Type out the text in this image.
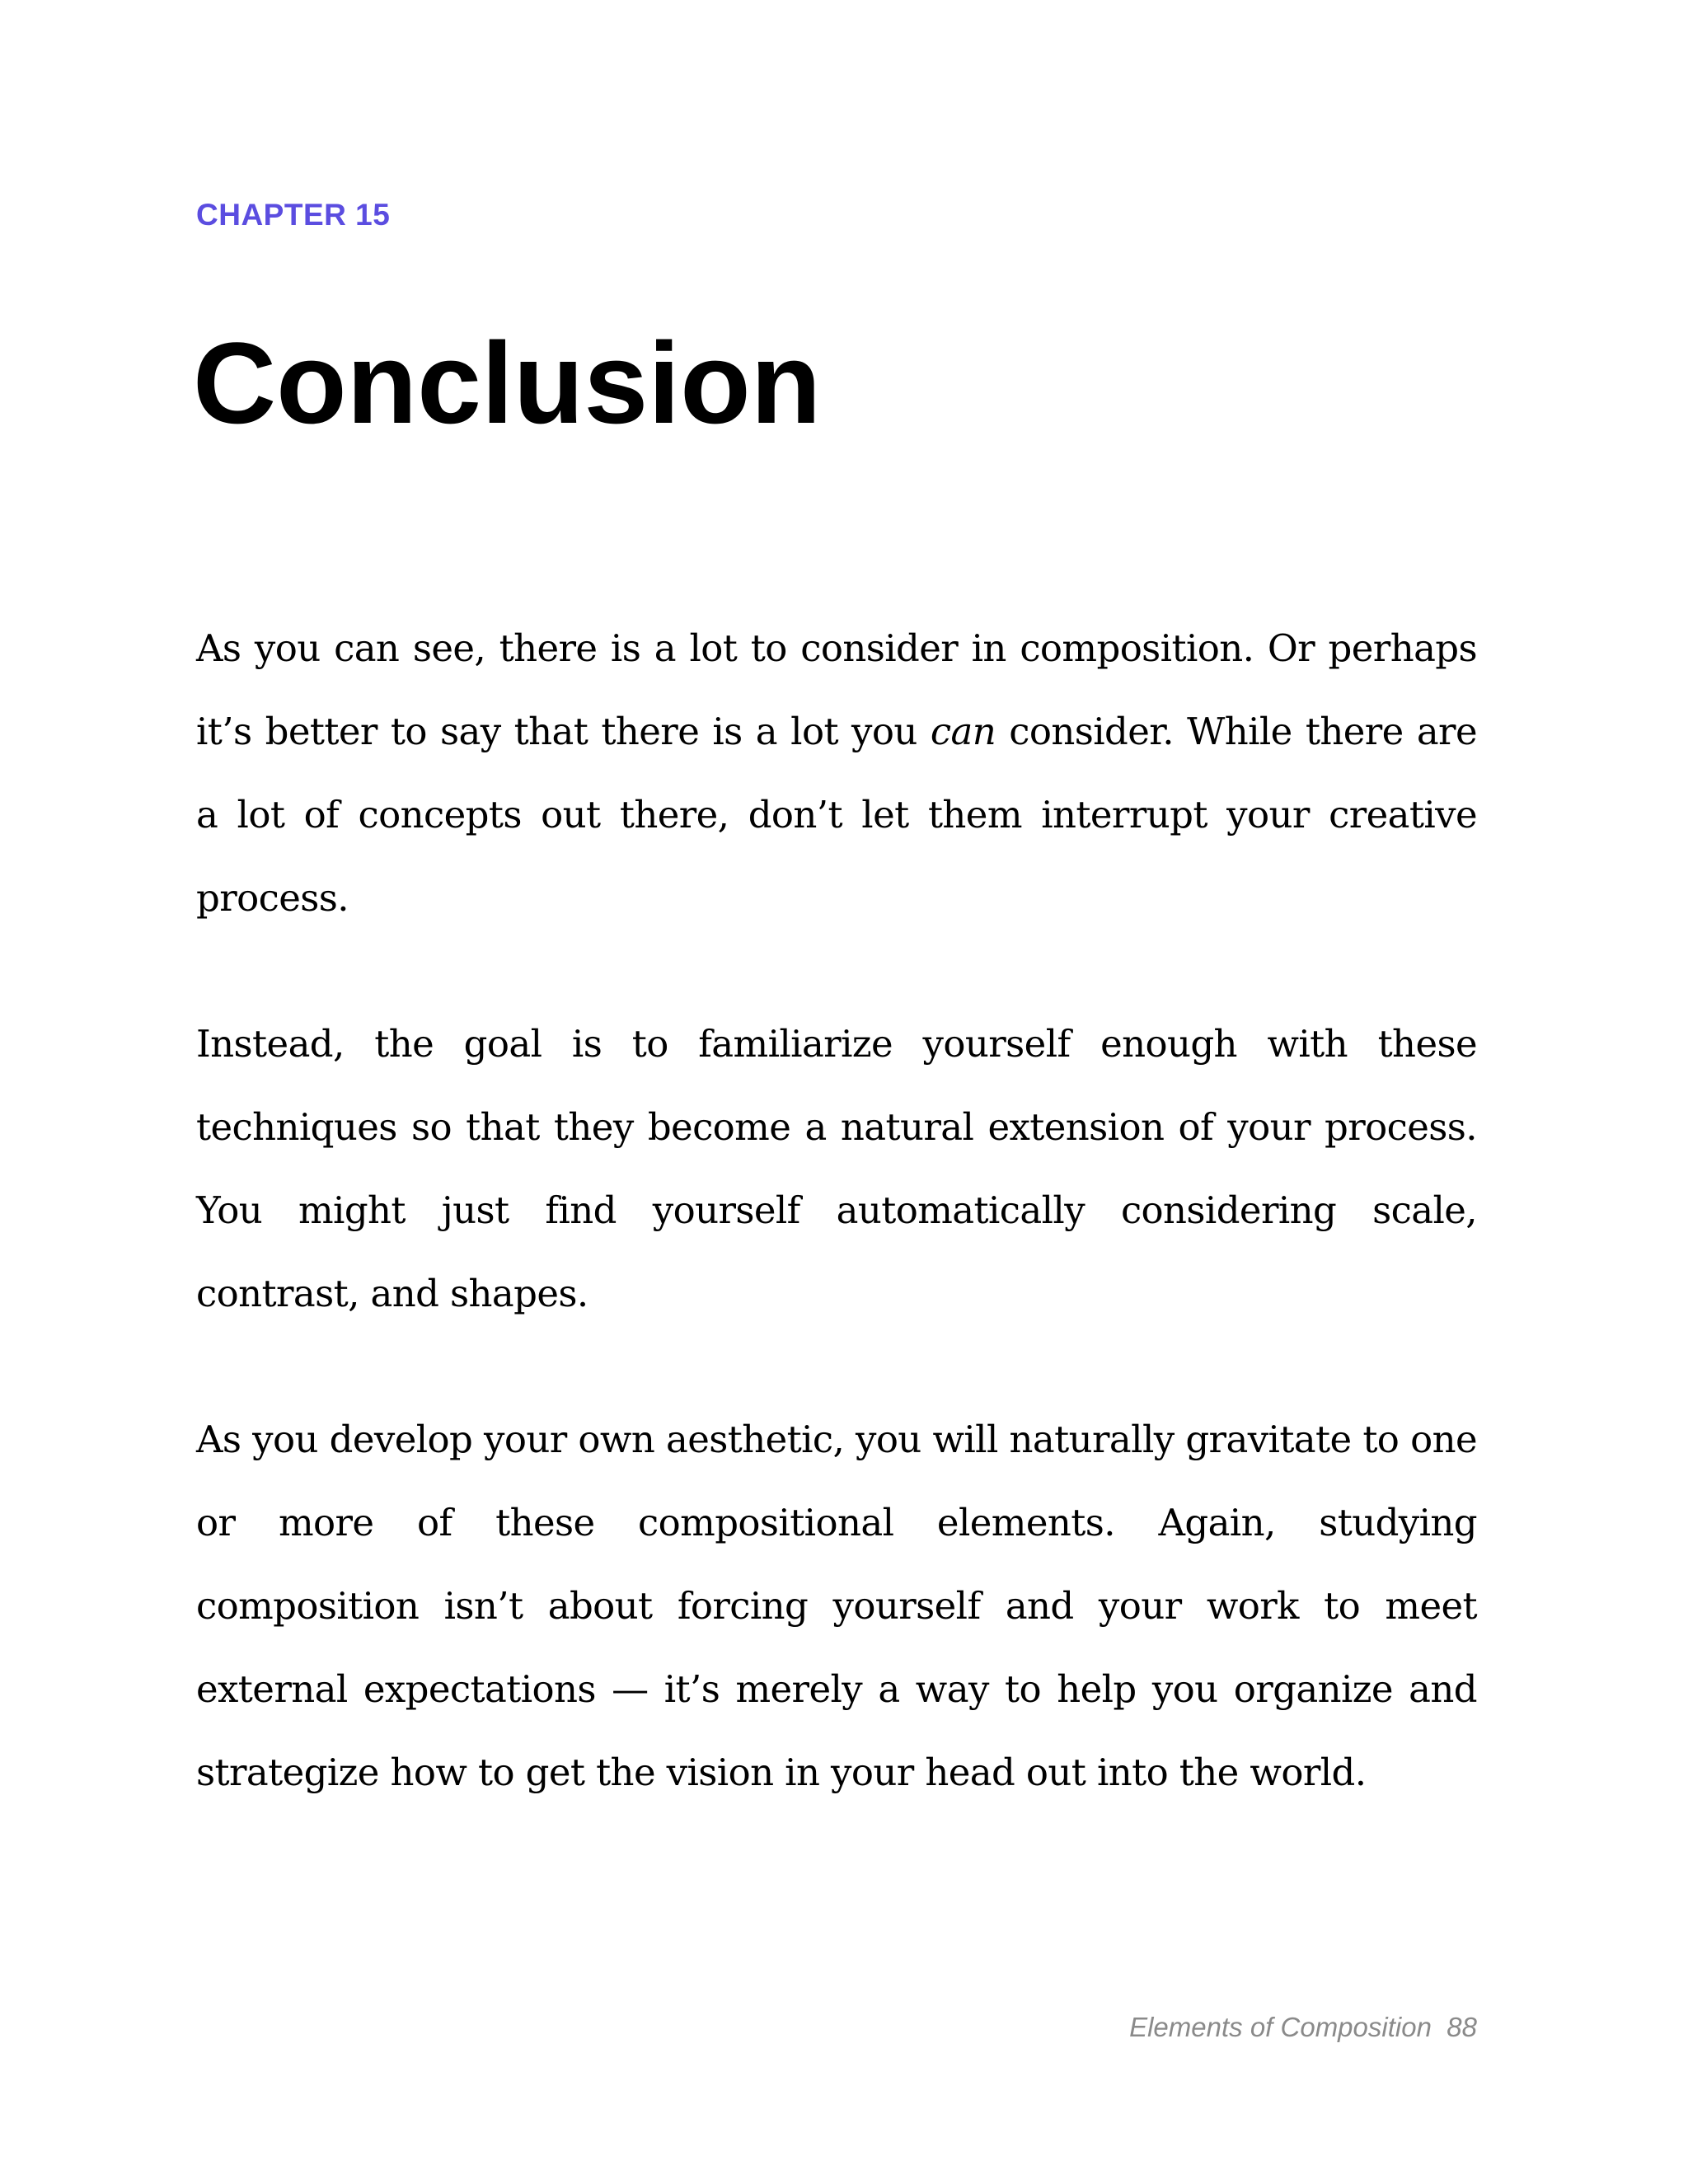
CHAPTER 15
Conclusion

As you can see, there is a lot to consider in composition. Or perhaps it’s better to say that there is a lot you can consider. While there are a lot of concepts out there, don’t let them interrupt your creative process.

Instead, the goal is to familiarize yourself enough with these techniques so that they become a natural extension of your process. You might just find yourself automatically considering scale, contrast, and shapes.

As you develop your own aesthetic, you will naturally gravitate to one or more of these compositional elements. Again, studying composition isn’t about forcing yourself and your work to meet external expectations — it’s merely a way to help you organize and strategize how to get the vision in your head out into the world.

Elements of Composition 88
